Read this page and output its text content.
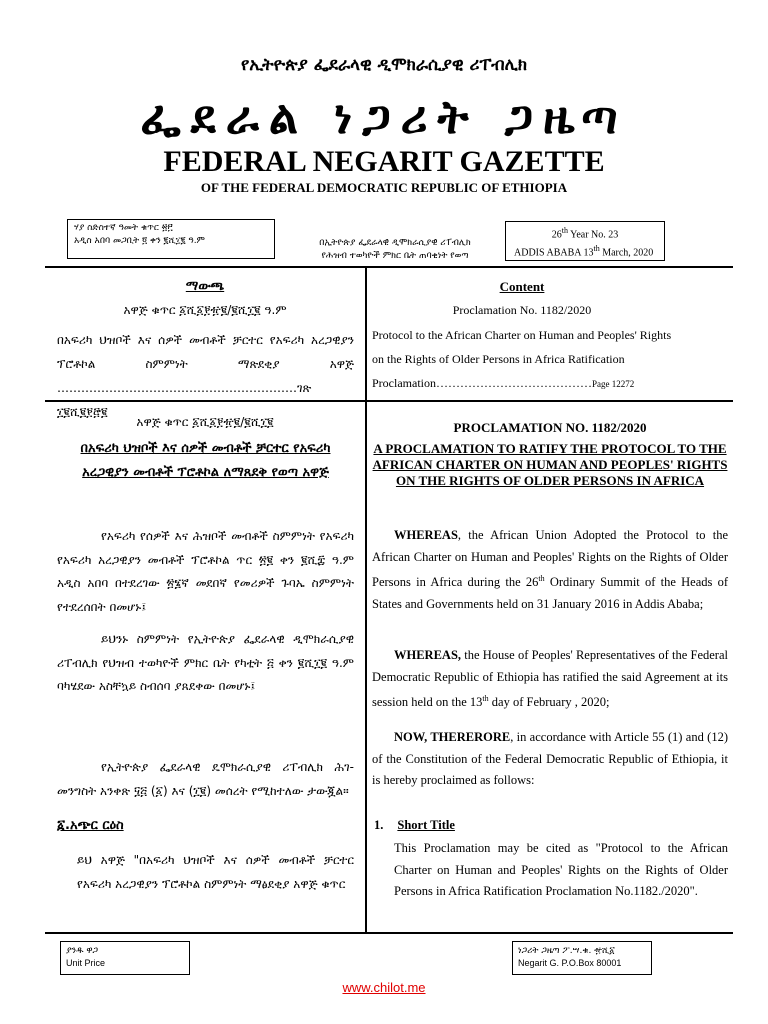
የኢትዮጵያ ፌደራላዊ ዲሞክራሲያዊ ሪፐብሊክ
ፌደራል ነጋሪት ጋዜጣ
FEDERAL NEGARIT GAZETTE
OF THE FEDERAL DEMOCRATIC REPUBLIC OF ETHIOPIA
ሃያ ስድስተኛ ዓመት ቁጥር ፳፫
አዲስ አበባ መጋቢት ፬ ቀን ፪ሺ፲፪ ዓ.ም	በኢትዮጵያ ፌደራላዊ ዲሞክራሲያዊ ሪፐብሊክ
የሕዝብ ተወካዮች ምክር ቤት ጠባቂነት የወጣ
26th Year No. 23
ADDIS ABABA 13th March, 2020
ማውጫ	Content
አዋጅ ቁጥር ፩ሺ፩፻፹፪/፪ሺ፲፪ ዓ.ም	Proclamation No. 1182/2020
በአፍሪካ ህዝቦች እና ሰዎች መብቶች ቻርተር የአፍሪካ አረጋዊያን ፕሮቶኮል ስምምነት ማጽደቂያ አዋጅ ……………………………………………………ገጽ ፲፪ሺ፪፻፸፪
Protocol to the African Charter on Human and Peoples' Rights on the Rights of Older Persons in Africa Ratification Proclamation…………………………………Page 12272
አዋጅ ቁጥር ፩ሺ፩፻፹፪/፪ሺ፲፪
በአፍሪካ ህዝቦች እና ሰዎች መብቶች ቻርተር የአፍሪካ አረጋዊያን መብቶች ፕሮቶኮል ለማጸደቅ የወጣ አዋጅ
የአፍሪካ የሰዎች እና ሕዝቦች መብቶች ስምምነት የአፍሪካ የአፍሪካ አረጋዊያን መብቶች ፕሮቶኮል ጥር ፳፪ ቀን ፪ሺ፰ ዓ.ም አዲስ አበባ በተደረገው ፳፮ኛ መደበኛ የመሪዎች ጉባኤ ስምምነት የተደረሰበት በመሆኑ፤
ይህንኑ ስምምነት የኢትዮጵያ ፌደራላዊ ዲሞክራሲያዊ ሪፐብሊክ የህዝብ ተወካዮች ምክር ቤት የካቲት ፭ ቀን ፪ሺ፲፪ ዓ.ም ባካሄደው አስቸኳይ ስብሰባ ያጸደቀው በመሆኑ፤
የኢትዮጵያ ፌደራላዊ ዴሞክራሲያዊ ሪፐብሊክ ሕገ-መንግስት አንቀጽ ፶፭ (፩) እና (፲፪) መሰረት የሚከተለው ታውጇል።
፩.አጭር ርዕስ
ይህ አዋጅ "በአፍሪካ ህዝቦች እና ሰዎች መብቶች ቻርተር የአፍሪካ አረጋዊያን ፕሮቶኮል ስምምነት ማፅደቂያ አዋጅ ቁጥር
PROCLAMATION NO. 1182/2020
A PROCLAMATION TO RATIFY THE PROTOCOL TO THE AFRICAN CHARTER ON HUMAN AND PEOPLES' RIGHTS ON THE RIGHTS OF OLDER PERSONS IN AFRICA
WHEREAS, the African Union Adopted the Protocol to the African Charter on Human and Peoples' Rights on the Rights of Older Persons in Africa during the 26th Ordinary Summit of the Heads of States and Governments held on 31 January 2016 in Addis Ababa;
WHEREAS, the House of Peoples' Representatives of the Federal Democratic Republic of Ethiopia has ratified the said Agreement at its session held on the 13th day of February , 2020;
NOW, THERERORE, in accordance with Article 55 (1) and (12) of the Constitution of the Federal Democratic Republic of Ethiopia, it is hereby proclaimed as follows:
1. Short Title
This Proclamation may be cited as "Protocol to the African Charter on Human and Peoples' Rights on the Rights of Older Persons in Africa Ratification Proclamation No.1182./2020".
ያንዱ ዋጋ
Unit Price
ነጋሪት ጋዜጣ ፖ.ሣ.ቁ. ፹ሺ፩
Negarit G. P.O.Box 80001
www.chilot.me
